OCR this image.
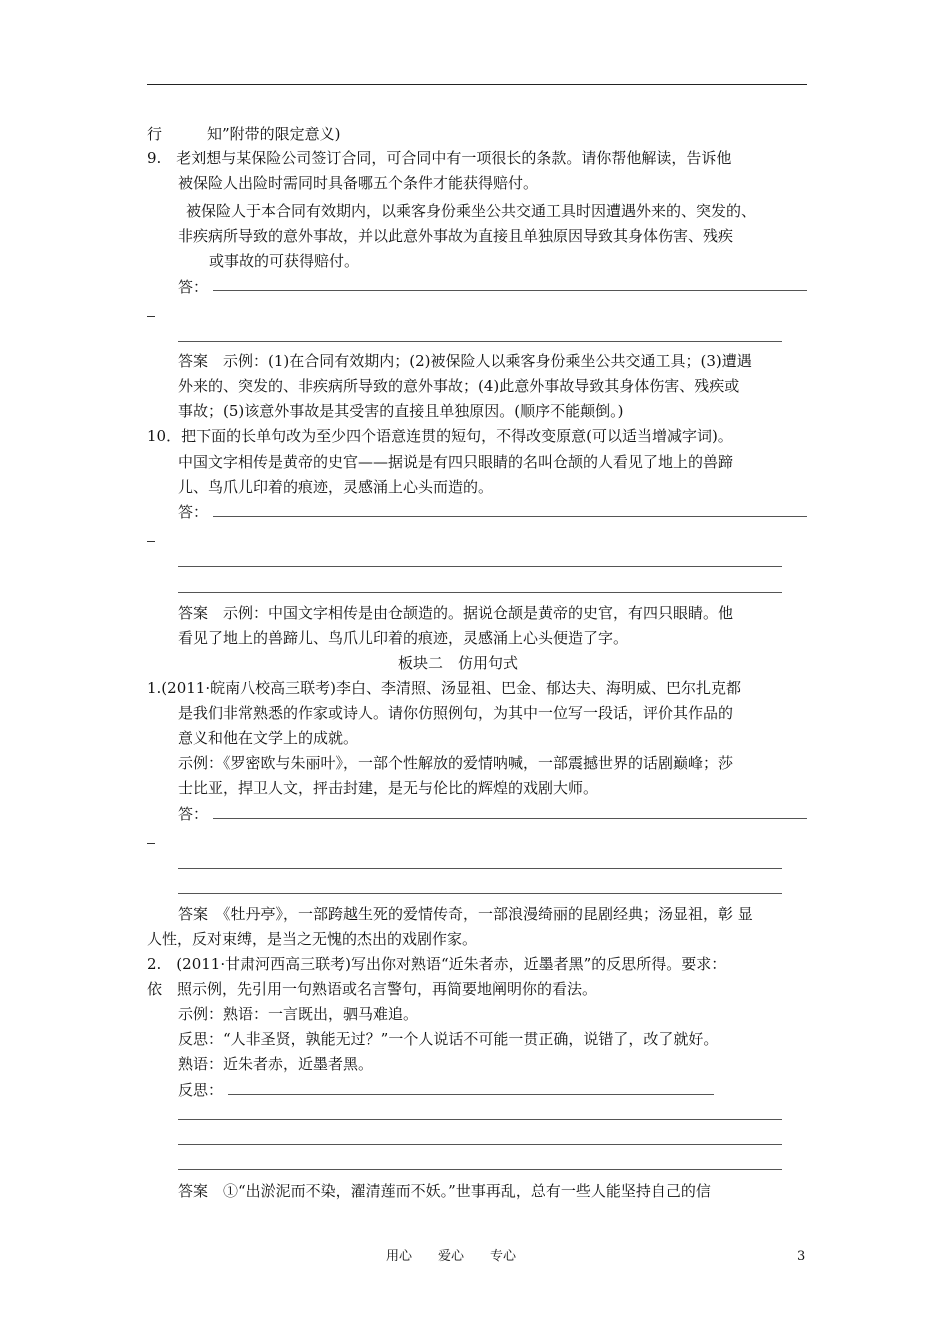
行　　　知”附带的限定意义)
9.　老刘想与某保险公司签订合同，可合同中有一项很长的条款。请你帮他解读，告诉他
被保险人出险时需同时具备哪五个条件才能获得赔付。
被保险人于本合同有效期内，以乘客身份乘坐公共交通工具时因遭遇外来的、突发的、
非疾病所导致的意外事故，并以此意外事故为直接且单独原因导致其身体伤害、残疾
或事故的可获得赔付。
答：
答案　示例：(1)在合同有效期内；(2)被保险人以乘客身份乘坐公共交通工具；(3)遭遇
外来的、突发的、非疾病所导致的意外事故；(4)此意外事故导致其身体伤害、残疾或
事故；(5)该意外事故是其受害的直接且单独原因。(顺序不能颠倒。)
10．把下面的长单句改为至少四个语意连贯的短句，不得改变原意(可以适当增减字词)。
中国文字相传是黄帝的史官——据说是有四只眼睛的名叫仓颉的人看见了地上的兽蹄
儿、鸟爪儿印着的痕迹，灵感涌上心头而造的。
答：
答案　示例：中国文字相传是由仓颉造的。据说仓颉是黄帝的史官，有四只眼睛。他
看见了地上的兽蹄儿、鸟爪儿印着的痕迹，灵感涌上心头便造了字。
板块二　仿用句式
1.(2011·皖南八校高三联考)李白、李清照、汤显祖、巴金、郁达夫、海明威、巴尔扎克都
是我们非常熟悉的作家或诗人。请你仿照例句，为其中一位写一段话，评价其作品的
意义和他在文学上的成就。
示例：《罗密欧与朱丽叶》，一部个性解放的爱情呐喊，一部震撼世界的话剧巅峰；莎
士比亚，捍卫人文，抨击封建，是无与伦比的辉煌的戏剧大师。
答：
答案　《牡丹亭》，一部跨越生死的爱情传奇，一部浪漫绮丽的昆剧经典；汤显祖，彰 显
人性，反对束缚，是当之无愧的杰出的戏剧作家。
2.　(2011·甘肃河西高三联考)写出你对熟语“近朱者赤，近墨者黑”的反思所得。要求：
依　照示例，先引用一句熟语或名言警句，再简要地阐明你的看法。
示例：熟语：一言既出，驷马难追。
反思：“人非圣贤，孰能无过？”一个人说话不可能一贯正确，说错了，改了就好。
熟语：近朱者赤，近墨者黑。
反思：
答案　①“出淤泥而不染，濯清莲而不妖。”世事再乱，总有一些人能坚持自己的信
用心　　爱心　　专心	3
